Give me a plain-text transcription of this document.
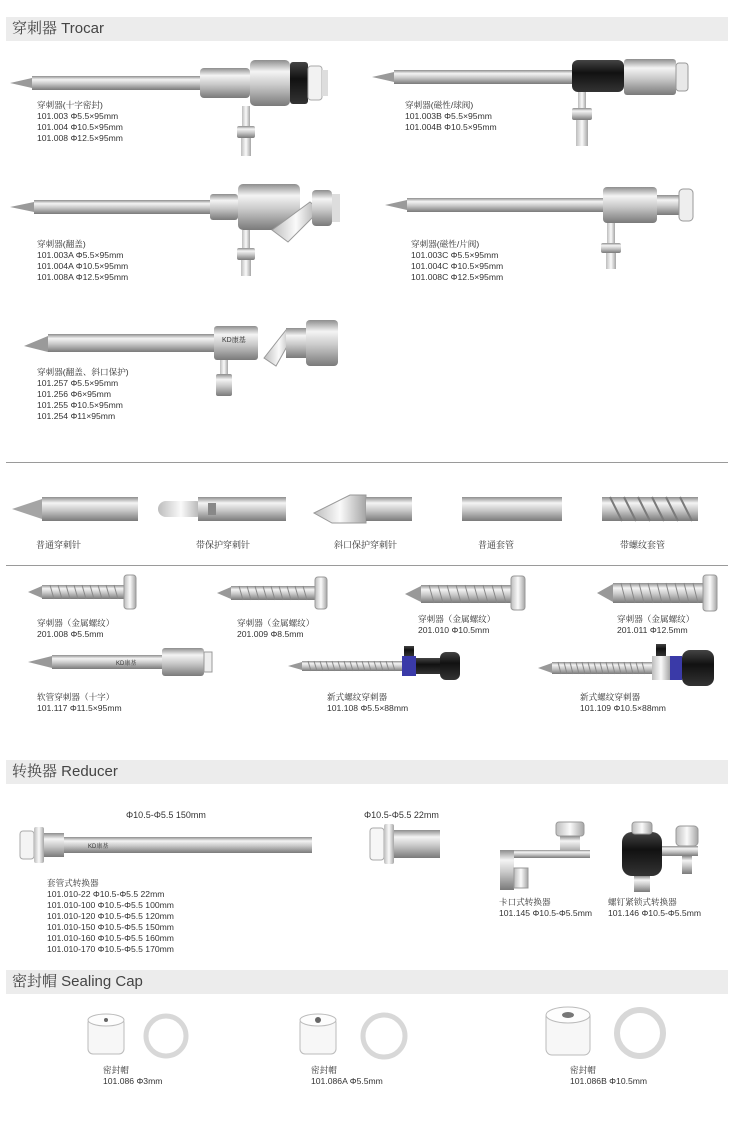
穿刺器 Trocar
穿刺器(十字密封)
101.003 Φ5.5×95mm
101.004 Φ10.5×95mm
101.008 Φ12.5×95mm
穿刺器(磁性/球阀)
101.003B Φ5.5×95mm
101.004B Φ10.5×95mm
穿刺器(翻盖)
101.003A Φ5.5×95mm
101.004A Φ10.5×95mm
101.008A Φ12.5×95mm
穿刺器(磁性/片阀)
101.003C Φ5.5×95mm
101.004C Φ10.5×95mm
101.008C Φ12.5×95mm
KD康基
穿刺器(翻盖、斜口保护)
101.257 Φ5.5×95mm
101.256 Φ6×95mm
101.255 Φ10.5×95mm
101.254 Φ11×95mm
普通穿刺针	带保护穿刺针	斜口保护穿刺针	普通套管	带螺纹套管
穿刺器（金属螺纹）
201.008 Φ5.5mm
穿刺器（金属螺纹）
201.009 Φ8.5mm
穿刺器（金属螺纹）
201.010 Φ10.5mm
穿刺器（金属螺纹）
201.011 Φ12.5mm
KD康基
软管穿刺器（十字）
101.117 Φ11.5×95mm
新式螺纹穿刺器
101.108 Φ5.5×88mm
新式螺纹穿刺器
101.109 Φ10.5×88mm
转换器 Reducer
Φ10.5-Φ5.5 150mm
KD康基
套管式转换器
101.010-22 Φ10.5-Φ5.5 22mm
101.010-100 Φ10.5-Φ5.5 100mm
101.010-120 Φ10.5-Φ5.5 120mm
101.010-150 Φ10.5-Φ5.5 150mm
101.010-160 Φ10.5-Φ5.5 160mm
101.010-170 Φ10.5-Φ5.5 170mm
Φ10.5-Φ5.5 22mm
卡口式转换器
101.145 Φ10.5-Φ5.5mm
螺钉紧锁式转换器
101.146 Φ10.5-Φ5.5mm
密封帽 Sealing Cap
密封帽
101.086 Φ3mm
密封帽
101.086A Φ5.5mm
密封帽
101.086B Φ10.5mm
